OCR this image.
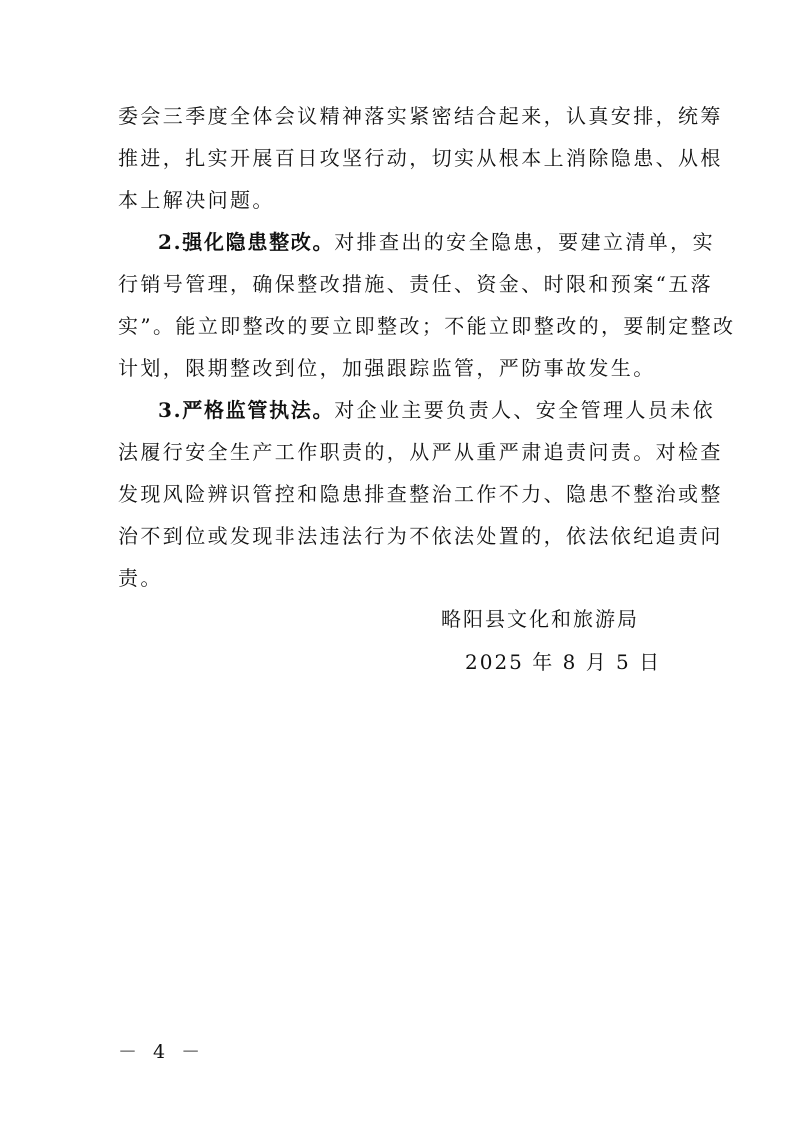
委会三季度全体会议精神落实紧密结合起来，认真安排，统筹
推进，扎实开展百日攻坚行动，切实从根本上消除隐患、从根
本上解决问题。
2.强化隐患整改。对排查出的安全隐患，要建立清单，实
行销号管理，确保整改措施、责任、资金、时限和预案“五落
实”。能立即整改的要立即整改；不能立即整改的，要制定整改
计划，限期整改到位，加强跟踪监管，严防事故发生。
3.严格监管执法。对企业主要负责人、安全管理人员未依
法履行安全生产工作职责的，从严从重严肃追责问责。对检查
发现风险辨识管控和隐患排查整治工作不力、隐患不整治或整
治不到位或发现非法违法行为不依法处置的，依法依纪追责问
责。
略阳县文化和旅游局
2025 年 8 月 5 日
－ 4 －
